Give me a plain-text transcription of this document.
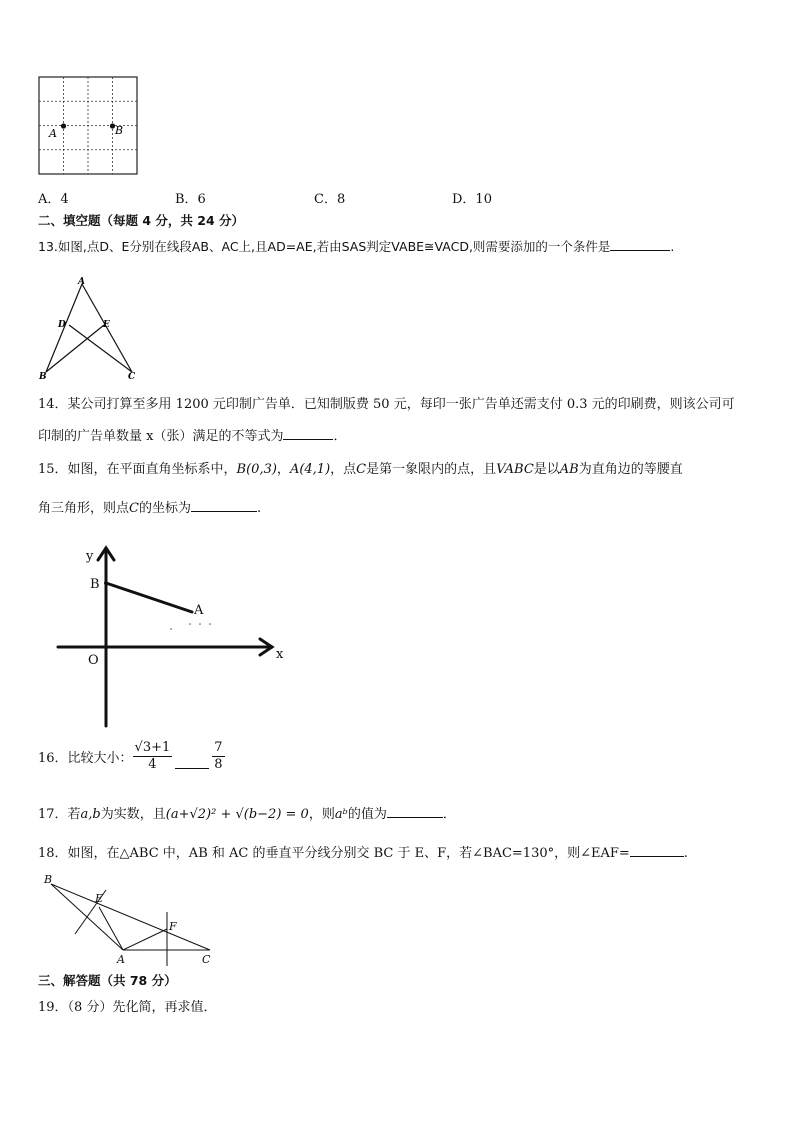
A	B
A．4	B．6	C．8	D．10
二、填空题（每题 4 分，共 24 分）
13.如图,点D、E分别在线段AB、AC上,且AD=AE,若由SAS判定VABE≅VACD,则需要添加的一个条件是	.
A
D	E
B	C
14．某公司打算至多用 1200 元印制广告单．已知制版费 50 元，每印一张广告单还需支付 0.3 元的印刷费，则该公司可
印制的广告单数量 x（张）满足的不等式为	．
15．如图，在平面直角坐标系中，B(0,3)，A(4,1)，点C是第一象限内的点，且VABC是以AB为直角边的等腰直
角三角形，则点C的坐标为	.
y
x
O
B
A
16．比较大小： $\frac{√3+1}{4}$	$\frac{7}{8}$
17．若a,b为实数，且(a+√2)² + √(b−2) = 0，则aᵇ的值为	．
18．如图，在△ABC 中，AB 和 AC 的垂直平分线分别交 BC 于 E、F，若∠BAC=130°，则∠EAF=	.
B
E
F
A	C
三、解答题（共 78 分）
19．（8 分）先化简，再求值．
